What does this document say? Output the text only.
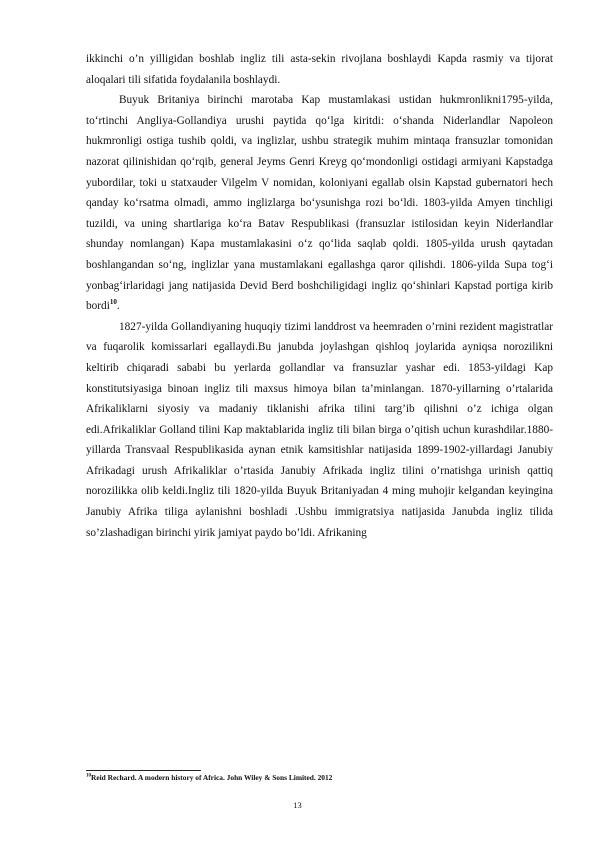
ikkinchi o’n yilligidan boshlab ingliz tili asta-sekin rivojlana boshlaydi Kapda rasmiy va tijorat aloqalari tili sifatida foydalanila boshlaydi.

Buyuk Britaniya birinchi marotaba Kap mustamlakasi ustidan hukmronlikni1795-yilda, to‘rtinchi Angliya-Gollandiya urushi paytida qo‘lga kiritdi: o‘shanda Niderlandlar Napoleon hukmronligi ostiga tushib qoldi, va inglizlar, ushbu strategik muhim mintaqa fransuzlar tomonidan nazorat qilinishidan qo‘rqib, general Jeyms Genri Kreyg qo‘mondonligi ostidagi armiyani Kapstadga yubordilar, toki u statxauder Vilgelm V nomidan, koloniyani egallab olsin Kapstad gubernatori hech qanday ko‘rsatma olmadi, ammo inglizlarga bo‘ysunishga rozi bo‘ldi. 1803-yilda Amyen tinchligi tuzildi, va uning shartlariga ko‘ra Batav Respublikasi (fransuzlar istilosidan keyin Niderlandlar shunday nomlangan) Kapa mustamlakasini o‘z qo‘lida saqlab qoldi. 1805-yilda urush qaytadan boshlangandan so‘ng, inglizlar yana mustamlakani egallashga qaror qilishdi. 1806-yilda Supa tog‘i yonbag‘irlaridagi jang natijasida Devid Berd boshchiligidagi ingliz qo‘shinlari Kapstad portiga kirib bordi$^{10}$.

1827-yilda Gollandiyaning huquqiy tizimi landdrost va heemraden o’rnini rezident magistratlar va fuqarolik komissarlari egallaydi.Bu janubda joylashgan qishloq joylarida ayniqsa norozilikni keltirib chiqaradi sababi bu yerlarda gollandlar va fransuzlar yashar edi. 1853-yildagi Kap konstitutsiyasiga binoan ingliz tili maxsus himoya bilan ta’minlangan. 1870-yillarning o’rtalarida Afrikaliklarni siyosiy va madaniy tiklanishi afrika tilini targ’ib qilishni o’z ichiga olgan edi.Afrikaliklar Golland tilini Kap maktablarida ingliz tili bilan birga o’qitish uchun kurashdilar.1880-yillarda Transvaal Respublikasida aynan etnik kamsitishlar natijasida 1899-1902-yillardagi Janubiy Afrikadagi urush Afrikaliklar o’rtasida Janubiy Afrikada ingliz tilini o’rnatishga urinish qattiq norozilikka olib keldi.Ingliz tili 1820-yilda Buyuk Britaniyadan 4 ming muhojir kelgandan keyingina Janubiy Afrika tiliga aylanishni boshladi .Ushbu immigratsiya natijasida Janubda ingliz tilida so’zlashadigan birinchi yirik jamiyat paydo bo’ldi. Afrikaning

$^{10}$Reid Rechard. A modern history of Africa. John Wiley & Sons Limited. 2012
13
